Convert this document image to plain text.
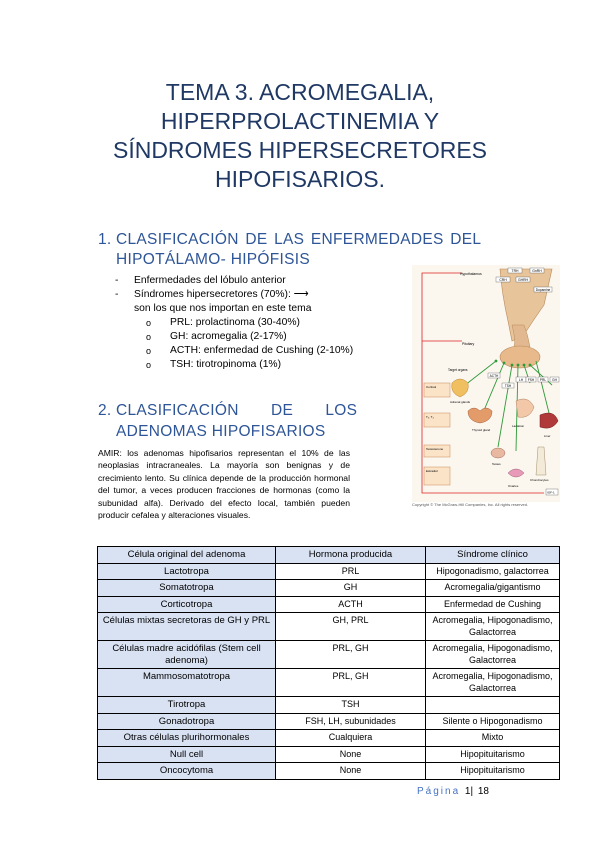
TEMA 3. ACROMEGALIA,
HIPERPROLACTINEMIA Y
SÍNDROMES HIPERSECRETORES
HIPOFISARIOS.
1. CLASIFICACIÓN DE LAS ENFERMEDADES DEL
HIPOTÁLAMO- HIPÓFISIS
- Enfermedades del lóbulo anterior
- Síndromes hipersecretores (70%): ⟶
son los que nos importan en este tema
o PRL: prolactinoma (30-40%)
o GH: acromegalia (2-17%)
o ACTH: enfermedad de Cushing (2-10%)
o TSH: tirotropinoma (1%)
2. CLASIFICACIÓN       DE       LOS
ADENOMAS HIPOFISARIOS
AMIR: los adenomas hipofisarios representan el 10% de las neoplasias intracraneales. La mayoría son benignas y de crecimiento lento. Su clínica depende de la producción hormonal del tumor, a veces producen fracciones de hormonas (como la subunidad alfa). Derivado del efecto local, también pueden producir cefalea y alteraciones visuales.
TRH	GnRH
CRH	GHRH
Dopamine
Hypothalamus
Pituitary
ACTH
TSH
LH FSH PRL GH
Target organs
Adrenal glands
Thyroid gland
Testes
Ovaries
Lactation
Liver
Chondrocytes
Cortisol
T₃, T₄
Testosterone
Estradiol
IGF-1
Copyright © The McGraw-Hill Companies, Inc. All rights reserved.
Célula original del adenoma	Hormona producida	Síndrome clínico
Lactotropa	PRL	Hipogonadismo, galactorrea
Somatotropa	GH	Acromegalia/gigantismo
Corticotropa	ACTH	Enfermedad de Cushing
Células mixtas secretoras de GH y PRL	GH, PRL	Acromegalia, Hipogonadismo, Galactorrea
Células madre acidófilas (Stem cell adenoma)	PRL, GH	Acromegalia, Hipogonadismo, Galactorrea
Mammosomatotropa	PRL, GH	Acromegalia, Hipogonadismo, Galactorrea
Tirotropa	TSH	
Gonadotropa	FSH, LH, subunidades	Silente o Hipogonadismo
Otras células plurihormonales	Cualquiera	Mixto
Null cell	None	Hipopituitarismo
Oncocytoma	None	Hipopituitarismo
Página 1| 18
